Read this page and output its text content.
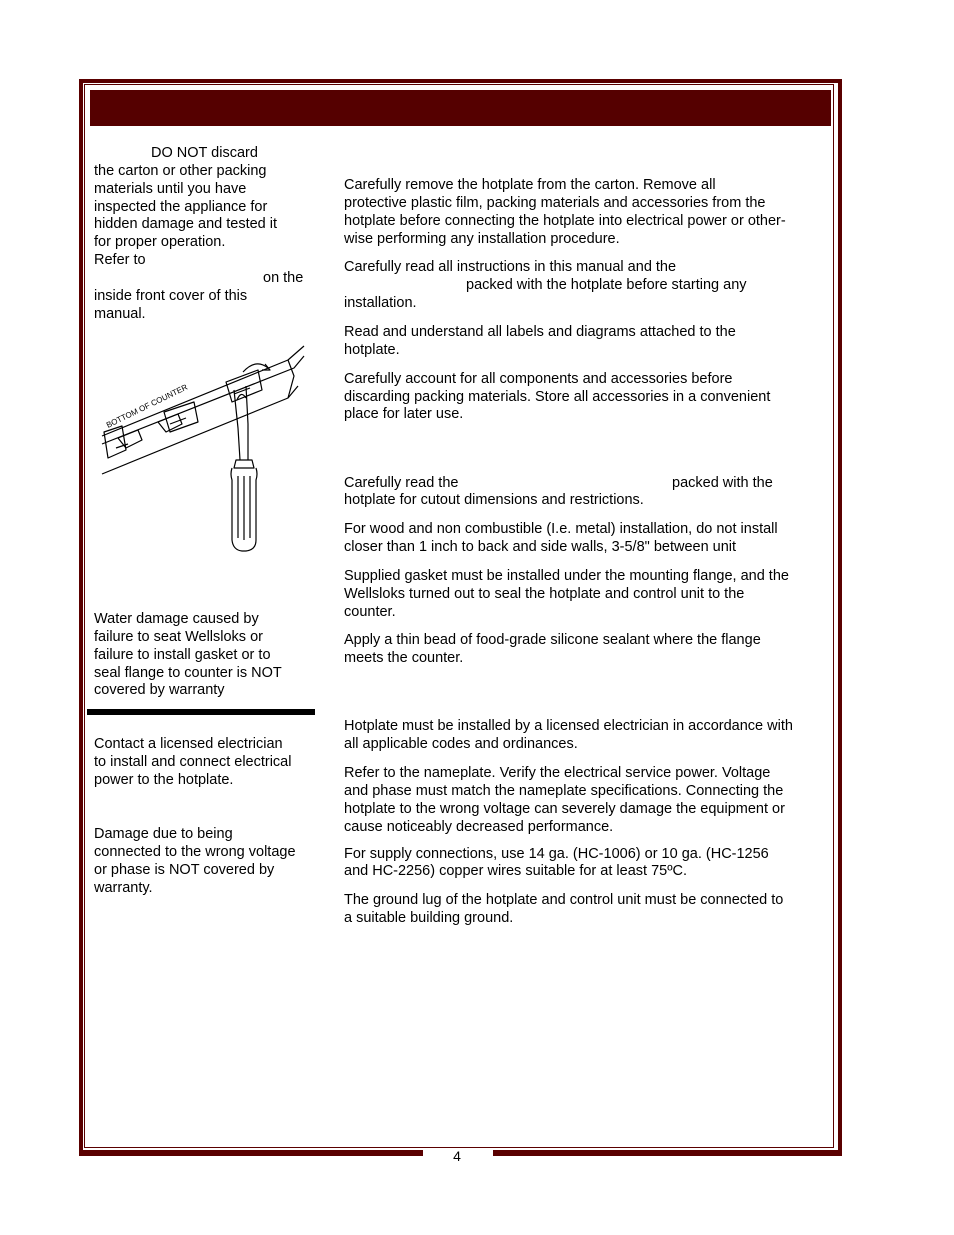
4
DO NOT discard
the carton or other packing
materials until you have
inspected the appliance for
hidden damage and tested it
for proper operation.
Refer to
on the
inside front cover of this
manual.
BOTTOM OF COUNTER
Water damage caused by
failure to seat Wellsloks or
failure to install gasket or to
seal flange to counter is NOT
covered by warranty
Contact a licensed electrician
to install and connect electrical
power to the hotplate.
Damage due to being
connected to the wrong voltage
or phase is NOT covered by
warranty.
Carefully remove the hotplate from the carton. Remove all
protective plastic film, packing materials and accessories from the
hotplate before connecting the hotplate into electrical power or other-
wise performing any installation procedure.
Carefully read all instructions in this manual and the
packed with the hotplate before starting any
installation.
Read and understand all labels and diagrams attached to the
hotplate.
Carefully account for all components and accessories before
discarding packing materials. Store all accessories in a convenient
place for later use.
Carefully read the	packed with the
hotplate for cutout dimensions and restrictions.
For wood and non combustible (I.e. metal) installation, do not install
closer than 1 inch to back and side walls, 3-5/8" between unit
Supplied gasket must be installed under the mounting flange, and the
Wellsloks turned out to seal the hotplate and control unit to the
counter.
Apply a thin bead of food-grade silicone sealant where the flange
meets the counter.
Hotplate must be installed by a licensed electrician in accordance with
all applicable codes and ordinances.
Refer to the nameplate. Verify the electrical service power. Voltage
and phase must match the nameplate specifications. Connecting the
hotplate to the wrong voltage can severely damage the equipment or
cause noticeably decreased performance.
For supply connections, use 14 ga. (HC-1006) or 10 ga. (HC-1256
and HC-2256) copper wires suitable for at least 75ºC.
The ground lug of the hotplate and control unit must be connected to
a suitable building ground.
